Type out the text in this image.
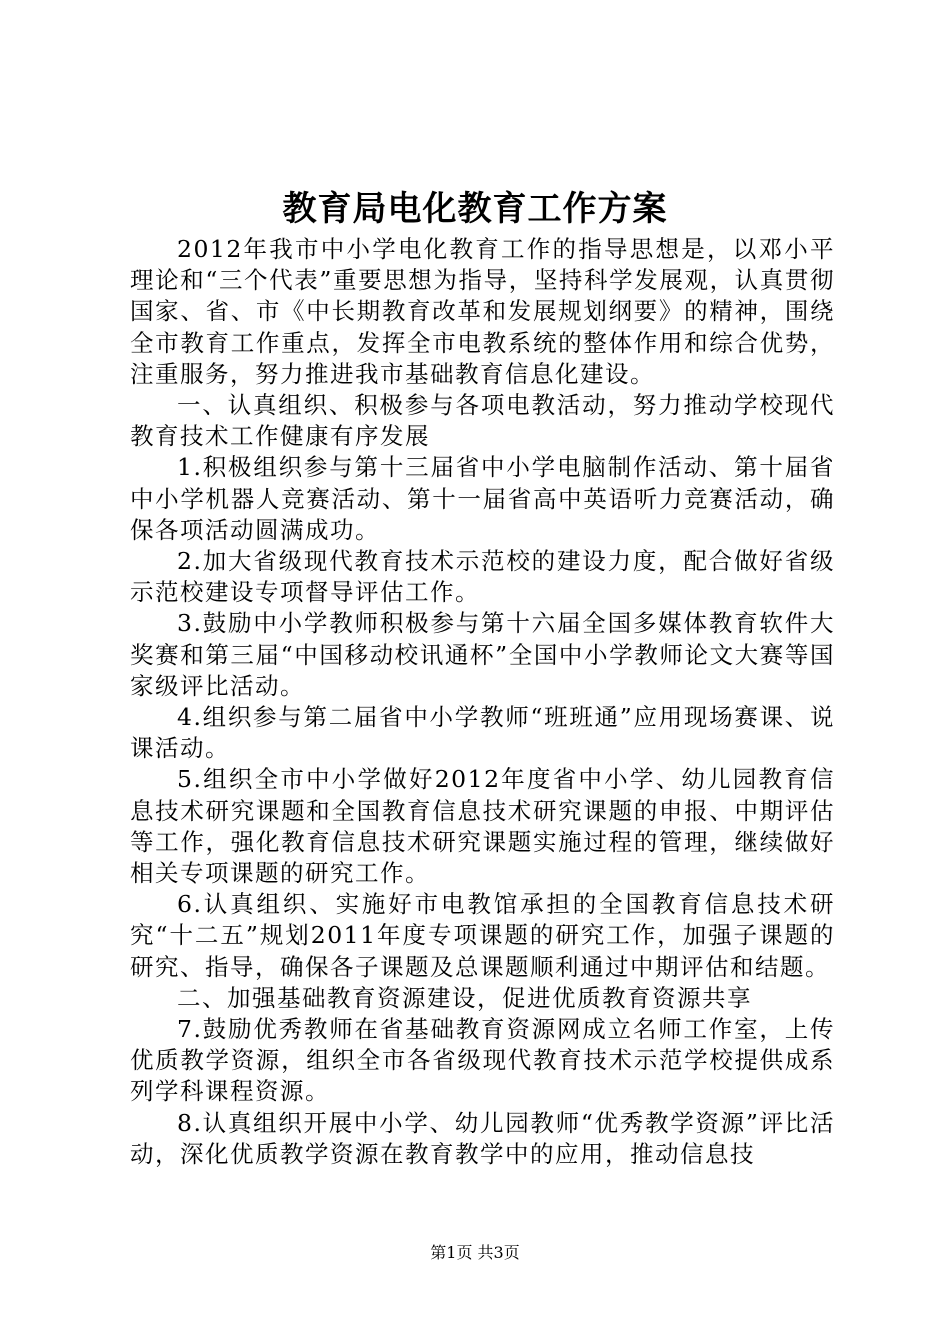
教育局电化教育工作方案

2012年我市中小学电化教育工作的指导思想是，以邓小平理论和“三个代表”重要思想为指导，坚持科学发展观，认真贯彻国家、省、市《中长期教育改革和发展规划纲要》的精神，围绕全市教育工作重点，发挥全市电教系统的整体作用和综合优势，注重服务，努力推进我市基础教育信息化建设。

一、认真组织、积极参与各项电教活动，努力推动学校现代教育技术工作健康有序发展

1.积极组织参与第十三届省中小学电脑制作活动、第十届省中小学机器人竞赛活动、第十一届省高中英语听力竞赛活动，确保各项活动圆满成功。

2.加大省级现代教育技术示范校的建设力度，配合做好省级示范校建设专项督导评估工作。

3.鼓励中小学教师积极参与第十六届全国多媒体教育软件大奖赛和第三届“中国移动校讯通杯”全国中小学教师论文大赛等国家级评比活动。

4.组织参与第二届省中小学教师“班班通”应用现场赛课、说课活动。

5.组织全市中小学做好2012年度省中小学、幼儿园教育信息技术研究课题和全国教育信息技术研究课题的申报、中期评估等工作，强化教育信息技术研究课题实施过程的管理，继续做好相关专项课题的研究工作。

6.认真组织、实施好市电教馆承担的全国教育信息技术研究“十二五”规划2011年度专项课题的研究工作，加强子课题的研究、指导，确保各子课题及总课题顺利通过中期评估和结题。

二、加强基础教育资源建设，促进优质教育资源共享

7.鼓励优秀教师在省基础教育资源网成立名师工作室，上传优质教学资源，组织全市各省级现代教育技术示范学校提供成系列学科课程资源。

8.认真组织开展中小学、幼儿园教师“优秀教学资源”评比活动，深化优质教学资源在教育教学中的应用，推动信息技

第1页 共3页
